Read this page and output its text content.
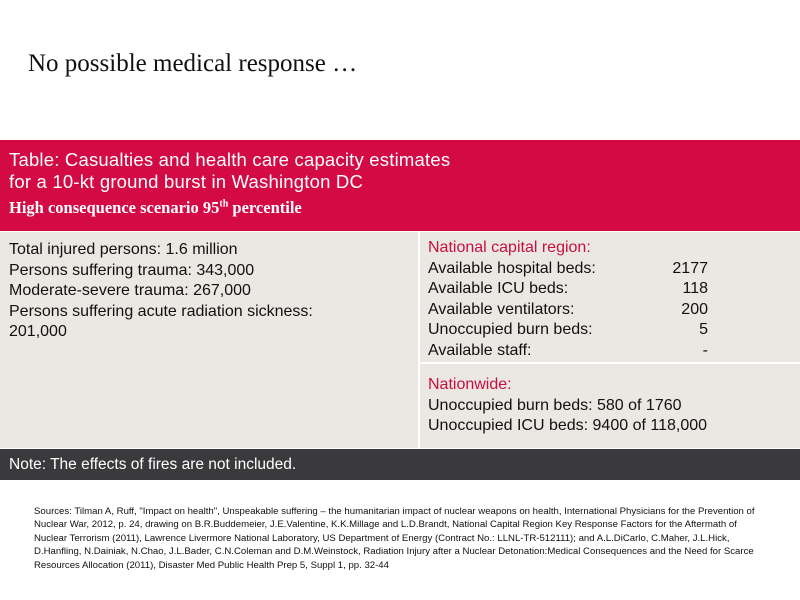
No possible medical response …
Table: Casualties and health care capacity estimates
for a 10-kt ground burst in Washington DC
High consequence scenario 95th percentile
Total injured persons: 1.6 million
Persons suffering trauma: 343,000
Moderate-severe trauma: 267,000
Persons suffering acute radiation sickness:
201,000
National capital region:
Available hospital beds:	2177
Available ICU beds:	118
Available ventilators:	200
Unoccupied burn beds:	5
Available staff:	-
Nationwide:
Unoccupied burn beds: 580 of 1760
Unoccupied ICU beds: 9400 of 118,000
Note: The effects of fires are not included.
Sources: Tilman A, Ruff, "Impact on health", Unspeakable suffering – the humanitarian impact of nuclear weapons on health, International Physicians for the Prevention of Nuclear War, 2012, p. 24, drawing on B.R.Buddemeier, J.E.Valentine, K.K.Millage and L.D.Brandt, National Capital Region Key Response Factors for the Aftermath of Nuclear Terrorism (2011), Lawrence Livermore National Laboratory, US Department of Energy (Contract No.: LLNL-TR-512111); and A.L.DiCarlo, C.Maher, J.L.Hick, D.Hanfling, N.Dainiak, N.Chao, J.L.Bader, C.N.Coleman and D.M.Weinstock, Radiation Injury after a Nuclear Detonation:Medical Consequences and the Need for Scarce Resources Allocation (2011), Disaster Med Public Health Prep 5, Suppl 1, pp. 32-44
